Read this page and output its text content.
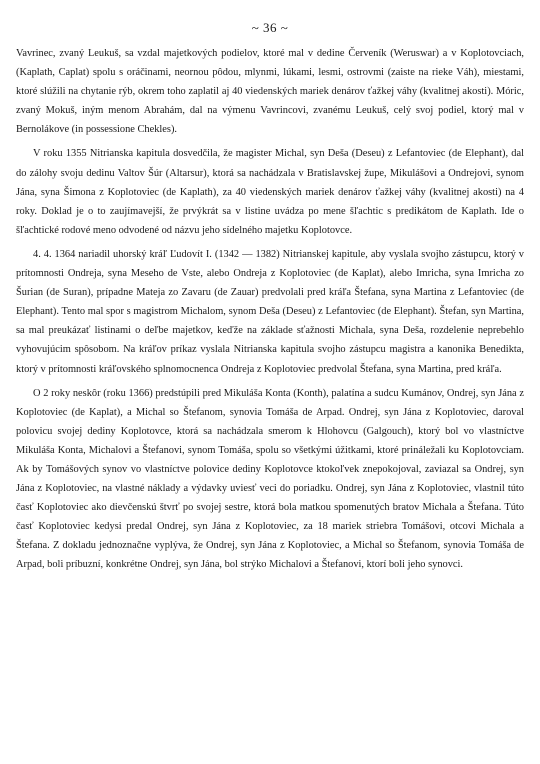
~ 36 ~

Vavrinec, zvaný Leukuš, sa vzdal majetkových podielov, ktoré mal v dedine Červeník (Weruswar) a v Koplotovciach, (Kaplath, Caplat) spolu s oráčinami, neornou pôdou, mlynmi, lúkami, lesmi, ostrovmi (zaiste na rieke Váh), miestami, ktoré slúžili na chytanie rýb, okrem toho zaplatil aj 40 viedenských mariek denárov ťažkej váhy (kvalitnej akosti). Móric, zvaný Mokuš, iným menom Abrahám, dal na výmenu Vavrincovi, zvanému Leukuš, celý svoj podiel, ktorý mal v Bernolákove (in possessione Chekles).

V roku 1355 Nitrianska kapitula dosvedčila, že magister Michal, syn Deša (Deseu) z Lefantoviec (de Elephant), dal do zálohy svoju dedinu Valtov Šúr (Altarsur), ktorá sa nachádzala v Bratislavskej župe, Mikulášovi a Ondrejovi, synom Jána, syna Šimona z Koplotoviec (de Kaplath), za 40 viedenských mariek denárov ťažkej váhy (kvalitnej akosti) na 4 roky. Doklad je o to zaujímavejší, že prvýkrát sa v listine uvádza po mene šľachtic s predikátom de Kaplath. Ide o šľachtické rodové meno odvodené od názvu jeho sídelného majetku Koplotovce.

4. 4. 1364 nariadil uhorský kráľ Ľudovít I. (1342 — 1382) Nitrianskej kapitule, aby vyslala svojho zástupcu, ktorý v prítomnosti Ondreja, syna Meseho de Vste, alebo Ondreja z Koplotoviec (de Kaplat), alebo Imricha, syna Imricha zo Šurian (de Suran), prípadne Mateja zo Zavaru (de Zauar) predvolali pred kráľa Štefana, syna Martina z Lefantoviec (de Elephant). Tento mal spor s magistrom Michalom, synom Deša (Deseu) z Lefantoviec (de Elephant). Štefan, syn Martina, sa mal preukázať listinami o deľbe majetkov, keďže na základe sťažnosti Michala, syna Deša, rozdelenie neprebehlo vyhovujúcim spôsobom. Na kráľov príkaz vyslala Nitrianska kapitula svojho zástupcu magistra a kanonika Benedikta, ktorý v prítomnosti kráľovského splnomocnenca Ondreja z Koplotoviec predvolal Štefana, syna Martina, pred kráľa.

O 2 roky neskôr (roku 1366) predstúpili pred Mikuláša Konta (Konth), palatína a sudcu Kumánov, Ondrej, syn Jána z Koplotoviec (de Kaplat), a Michal so Štefanom, synovia Tomáša de Arpad. Ondrej, syn Jána z Koplotoviec, daroval polovicu svojej dediny Koplotovce, ktorá sa nachádzala smerom k Hlohovcu (Galgouch), ktorý bol vo vlastníctve Mikuláša Konta, Michalovi a Štefanovi, synom Tomáša, spolu so všetkými úžitkami, ktoré prináležali ku Koplotovciam. Ak by Tomášových synov vo vlastníctve polovice dediny Koplotovce ktokoľvek znepokojoval, zaviazal sa Ondrej, syn Jána z Koplotoviec, na vlastné náklady a výdavky uviesť veci do poriadku. Ondrej, syn Jána z Koplotoviec, vlastnil túto časť Koplotoviec ako dievčenskú štvrť po svojej sestre, ktorá bola matkou spomenutých bratov Michala a Štefana. Túto časť Koplotoviec kedysi predal Ondrej, syn Jána z Koplotoviec, za 18 mariek striebra Tomášovi, otcovi Michala a Štefana. Z dokladu jednoznačne vyplýva, že Ondrej, syn Jána z Koplotoviec, a Michal so Štefanom, synovia Tomáša de Arpad, boli príbuzní, konkrétne Ondrej, syn Jána, bol strýko Michalovi a Štefanovi, ktorí boli jeho synovci.
